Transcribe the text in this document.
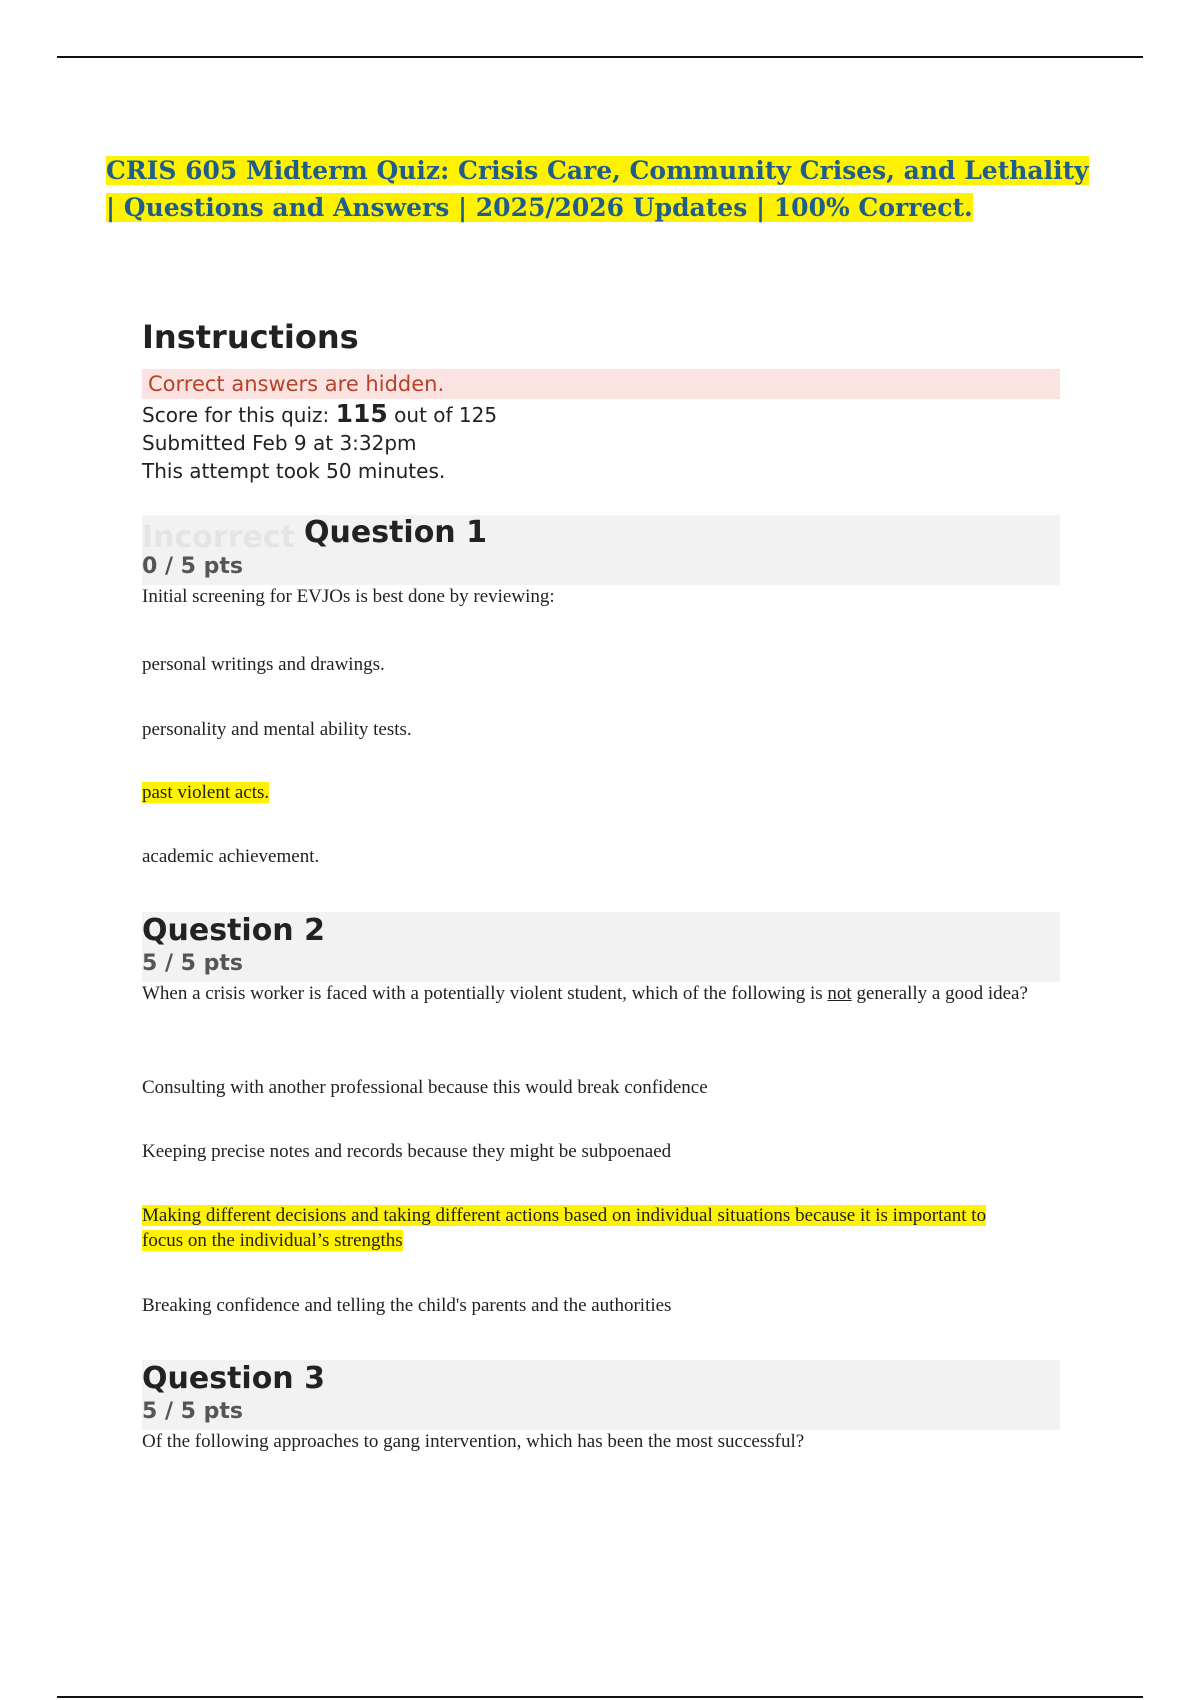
CRIS 605 Midterm Quiz: Crisis Care, Community Crises, and Lethality | Questions and Answers | 2025/2026 Updates | 100% Correct.
Instructions
Correct answers are hidden.
Score for this quiz: 115 out of 125
Submitted Feb 9 at 3:32pm
This attempt took 50 minutes.
Incorrect Question 1
0 / 5 pts
Initial screening for EVJOs is best done by reviewing:
personal writings and drawings.
personality and mental ability tests.
past violent acts.
academic achievement.
Question 2
5 / 5 pts
When a crisis worker is faced with a potentially violent student, which of the following is not generally a good idea?
Consulting with another professional because this would break confidence
Keeping precise notes and records because they might be subpoenaed
Making different decisions and taking different actions based on individual situations because it is important to focus on the individual’s strengths
Breaking confidence and telling the child's parents and the authorities
Question 3
5 / 5 pts
Of the following approaches to gang intervention, which has been the most successful?
